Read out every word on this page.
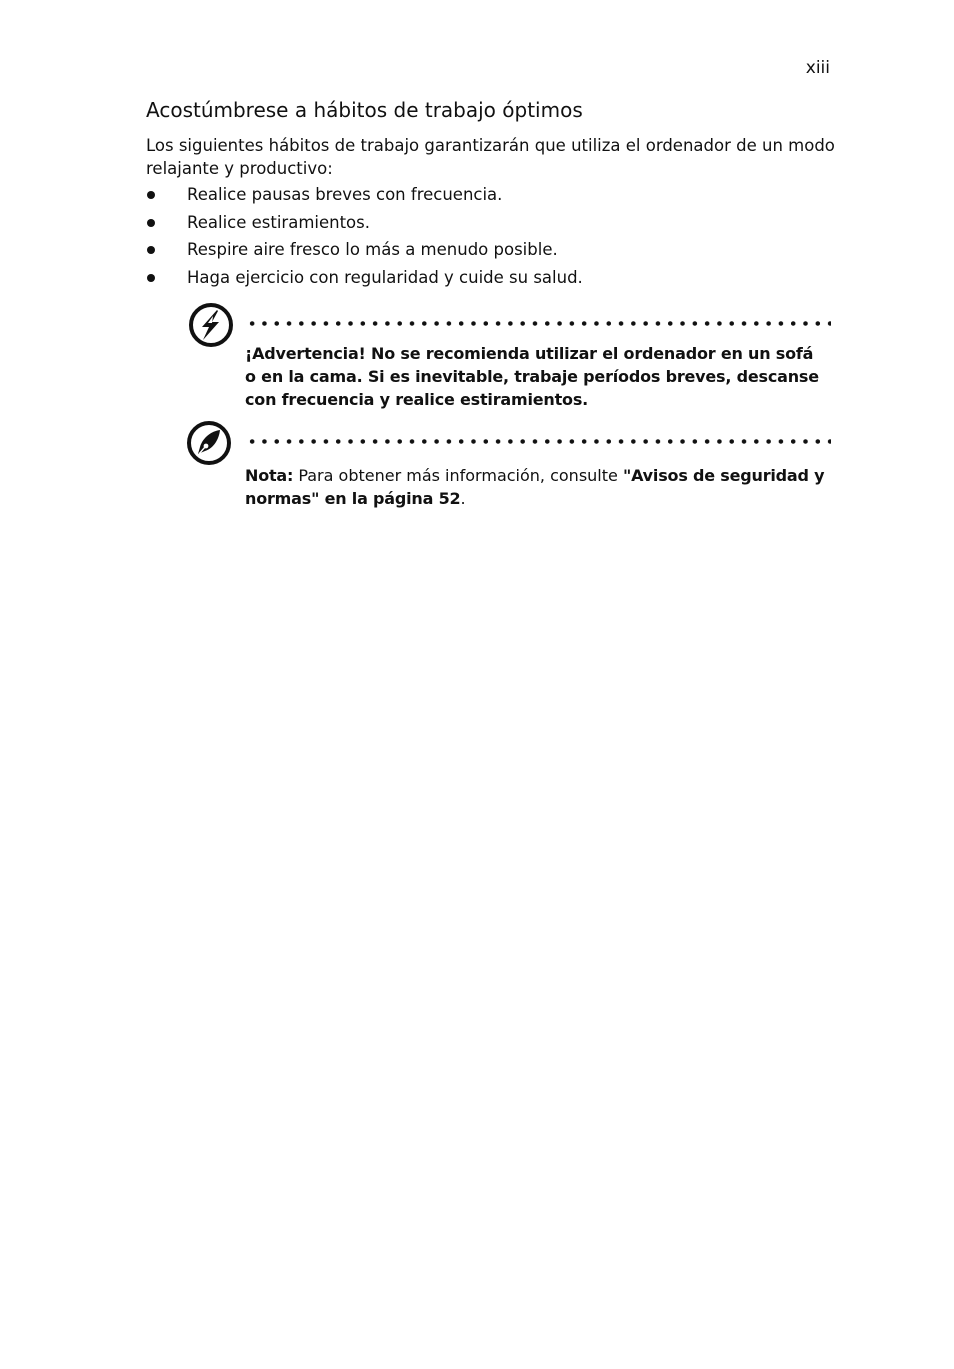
xiii
Acostúmbrese a hábitos de trabajo óptimos

Los siguientes hábitos de trabajo garantizarán que utiliza el ordenador de un modo relajante y productivo:

Realice pausas breves con frecuencia.
Realice estiramientos.
Respire aire fresco lo más a menudo posible.
Haga ejercicio con regularidad y cuide su salud.

¡Advertencia! No se recomienda utilizar el ordenador en un sofá o en la cama. Si es inevitable, trabaje períodos breves, descanse con frecuencia y realice estiramientos.

Nota: Para obtener más información, consulte "Avisos de seguridad y normas" en la página 52.
